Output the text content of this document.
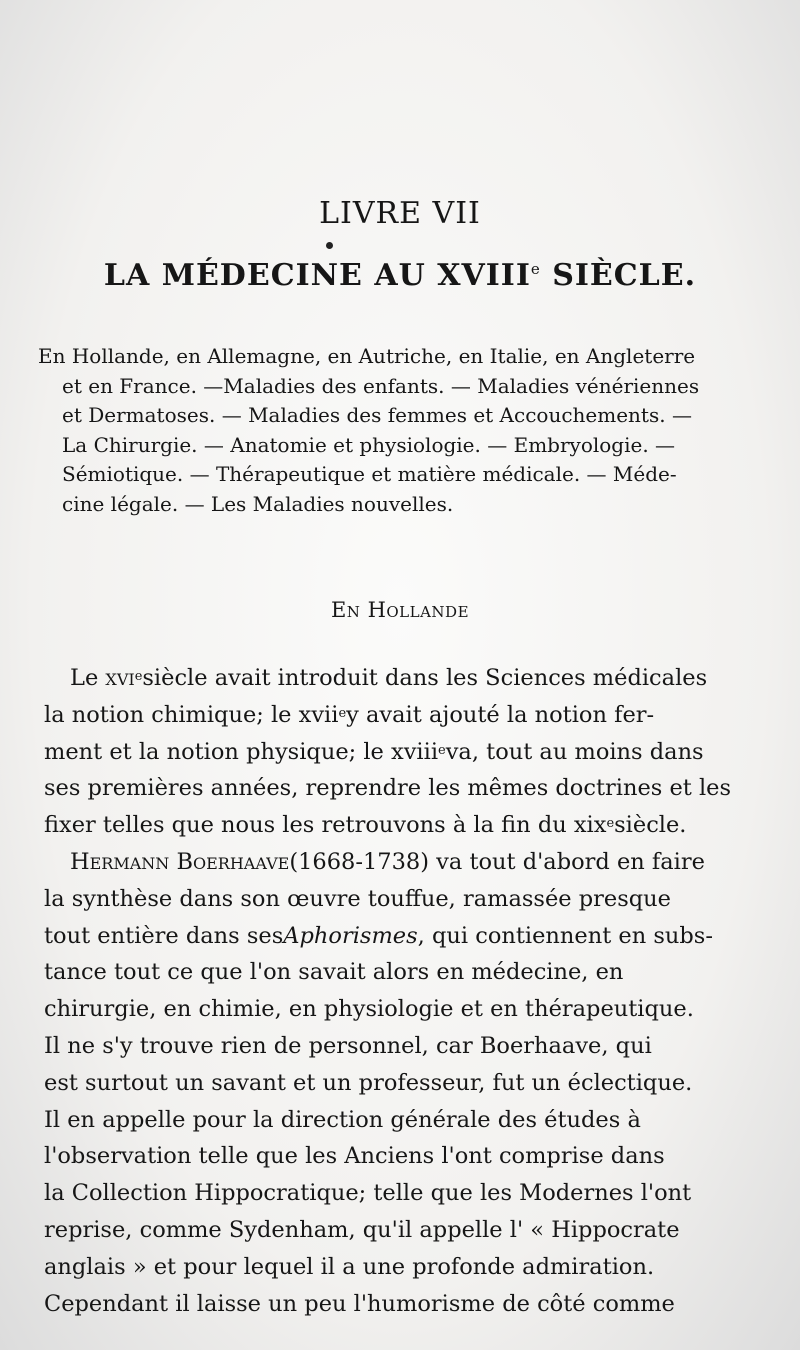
LIVRE VII
LA MÉDECINE AU XVIIIe SIÈCLE.
En Hollande, en Allemagne, en Autriche, en Italie, en Angleterre
et en France. —Maladies des enfants. — Maladies vénériennes
et Dermatoses. — Maladies des femmes et Accouchements. —
La Chirurgie. — Anatomie et physiologie. — Embryologie. —
Sémiotique. — Thérapeutique et matière médicale. — Méde-
cine légale. — Les Maladies nouvelles.
En Hollande
Le xvi$^e$siècle avait introduit dans les Sciences médicales
la notion chimique; le xvii$^e$y avait ajouté la notion fer-
ment et la notion physique; le xviii$^e$va, tout au moins dans
ses premières années, reprendre les mêmes doctrines et les
fixer telles que nous les retrouvons à la fin du xix$^e$siècle.
Hermann Boerhaave(1668-1738) va tout d'abord en faire
la synthèse dans son œuvre touffue, ramassée presque
tout entière dans sesAphorismes, qui contiennent en subs-
tance tout ce que l'on savait alors en médecine, en
chirurgie, en chimie, en physiologie et en thérapeutique.
Il ne s'y trouve rien de personnel, car Boerhaave, qui
est surtout un savant et un professeur, fut un éclectique.
Il en appelle pour la direction générale des études à
l'observation telle que les Anciens l'ont comprise dans
la Collection Hippocratique; telle que les Modernes l'ont
reprise, comme Sydenham, qu'il appelle l' « Hippocrate
anglais » et pour lequel il a une profonde admiration.
Cependant il laisse un peu l'humorisme de côté comme
